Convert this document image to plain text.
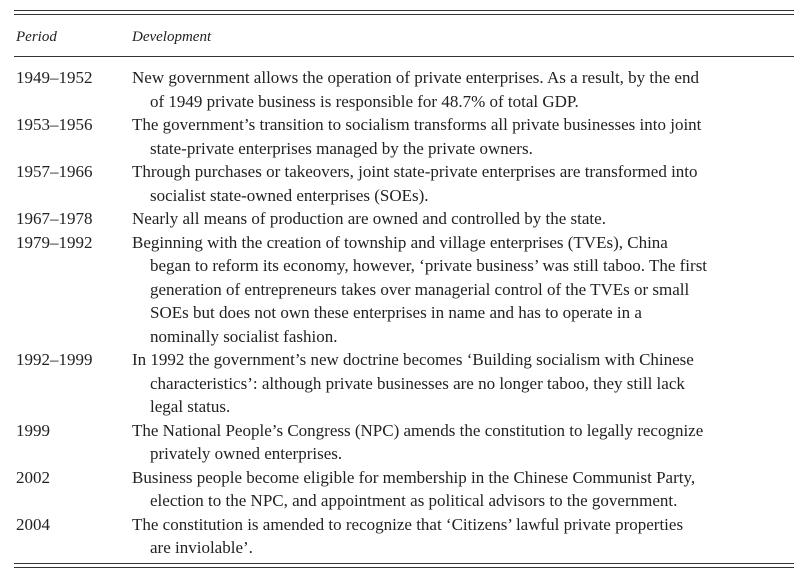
Period	Development
1949–1952 New government allows the operation of private enterprises. As a result, by the end
of 1949 private business is responsible for 48.7% of total GDP.
1953–1956 The government’s transition to socialism transforms all private businesses into joint
state-private enterprises managed by the private owners.
1957–1966 Through purchases or takeovers, joint state-private enterprises are transformed into
socialist state-owned enterprises (SOEs).
1967–1978 Nearly all means of production are owned and controlled by the state.
1979–1992 Beginning with the creation of township and village enterprises (TVEs), China
began to reform its economy, however, ‘private business’ was still taboo. The first
generation of entrepreneurs takes over managerial control of the TVEs or small
SOEs but does not own these enterprises in name and has to operate in a
nominally socialist fashion.
1992–1999 In 1992 the government’s new doctrine becomes ‘Building socialism with Chinese
characteristics’: although private businesses are no longer taboo, they still lack
legal status.
1999	The National People’s Congress (NPC) amends the constitution to legally recognize
privately owned enterprises.
2002	Business people become eligible for membership in the Chinese Communist Party,
election to the NPC, and appointment as political advisors to the government.
2004	The constitution is amended to recognize that ‘Citizens’ lawful private properties
are inviolable’.
